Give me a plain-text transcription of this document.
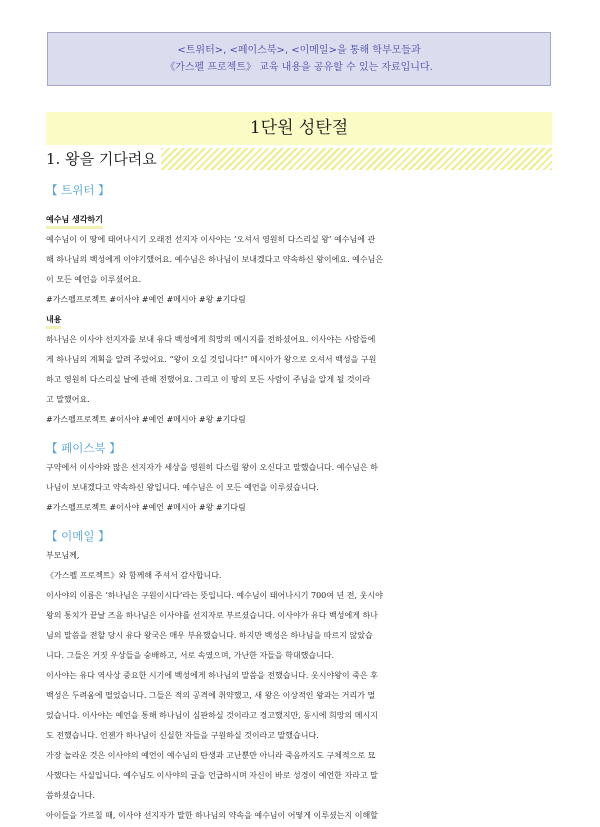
<트위터>, <페이스북>, <이메일>을 통해 학부모들과
《가스펠 프로젝트》 교육 내용을 공유할 수 있는 자료입니다.
1단원 성탄절
1. 왕을 기다려요
【 트위터 】

예수님 생각하기

예수님이 이 땅에 태어나시기 오래전 선지자 이사야는 ‘오셔서 영원히 다스리실 왕’ 예수님에 관

해 하나님의 백성에게 이야기했어요. 예수님은 하나님이 보내겠다고 약속하신 왕이에요. 예수님은

이 모든 예언을 이루셨어요.

#가스펠프로젝트 #이사야 #예언 #메시아 #왕 #기다림

내용

하나님은 이사야 선지자를 보내 유다 백성에게 희망의 메시지를 전하셨어요. 이사야는 사람들에

게 하나님의 계획을 알려 주었어요. “왕이 오실 것입니다!” 메시아가 왕으로 오셔서 백성을 구원

하고 영원히 다스리실 날에 관해 전했어요. 그리고 이 땅의 모든 사람이 주님을 알게 될 것이라

고 말했어요.

#가스펠프로젝트 #이사야 #예언 #메시아 #왕 #기다림

【 페이스북 】

구약에서 이사야와 많은 선지자가 세상을 영원히 다스릴 왕이 오신다고 말했습니다. 예수님은 하

나님이 보내겠다고 약속하신 왕입니다. 예수님은 이 모든 예언을 이루셨습니다.

#가스펠프로젝트 #이사야 #예언 #메시아 #왕 #기다림

【 이메일 】

부모님께,

《가스펠 프로젝트》와 함께해 주셔서 감사합니다.

이사야의 이름은 ‘하나님은 구원이시다’라는 뜻입니다. 예수님이 태어나시기 700여 년 전, 웃시야

왕의 통치가 끝날 즈음 하나님은 이사야를 선지자로 부르셨습니다. 이사야가 유다 백성에게 하나

님의 말씀을 전할 당시 유다 왕국은 매우 부유했습니다. 하지만 백성은 하나님을 따르지 않았습

니다. 그들은 거짓 우상들을 숭배하고, 서로 속였으며, 가난한 자들을 학대했습니다.

이사야는 유다 역사상 중요한 시기에 백성에게 하나님의 말씀을 전했습니다. 웃시야왕이 죽은 후

백성은 두려움에 떨었습니다. 그들은 적의 공격에 취약했고, 새 왕은 이상적인 왕과는 거리가 멀

었습니다. 이사야는 예언을 통해 하나님이 심판하실 것이라고 경고했지만, 동시에 희망의 메시지

도 전했습니다. 언젠가 하나님이 신실한 자들을 구원하실 것이라고 말했습니다.

가장 놀라운 것은 이사야의 예언이 예수님의 탄생과 고난뿐만 아니라 죽음까지도 구체적으로 묘

사했다는 사실입니다. 예수님도 이사야의 글을 언급하시며 자신이 바로 성경이 예언한 자라고 말

씀하셨습니다.

아이들을 가르칠 때, 이사야 선지자가 말한 하나님의 약속을 예수님이 어떻게 이루셨는지 이해할
